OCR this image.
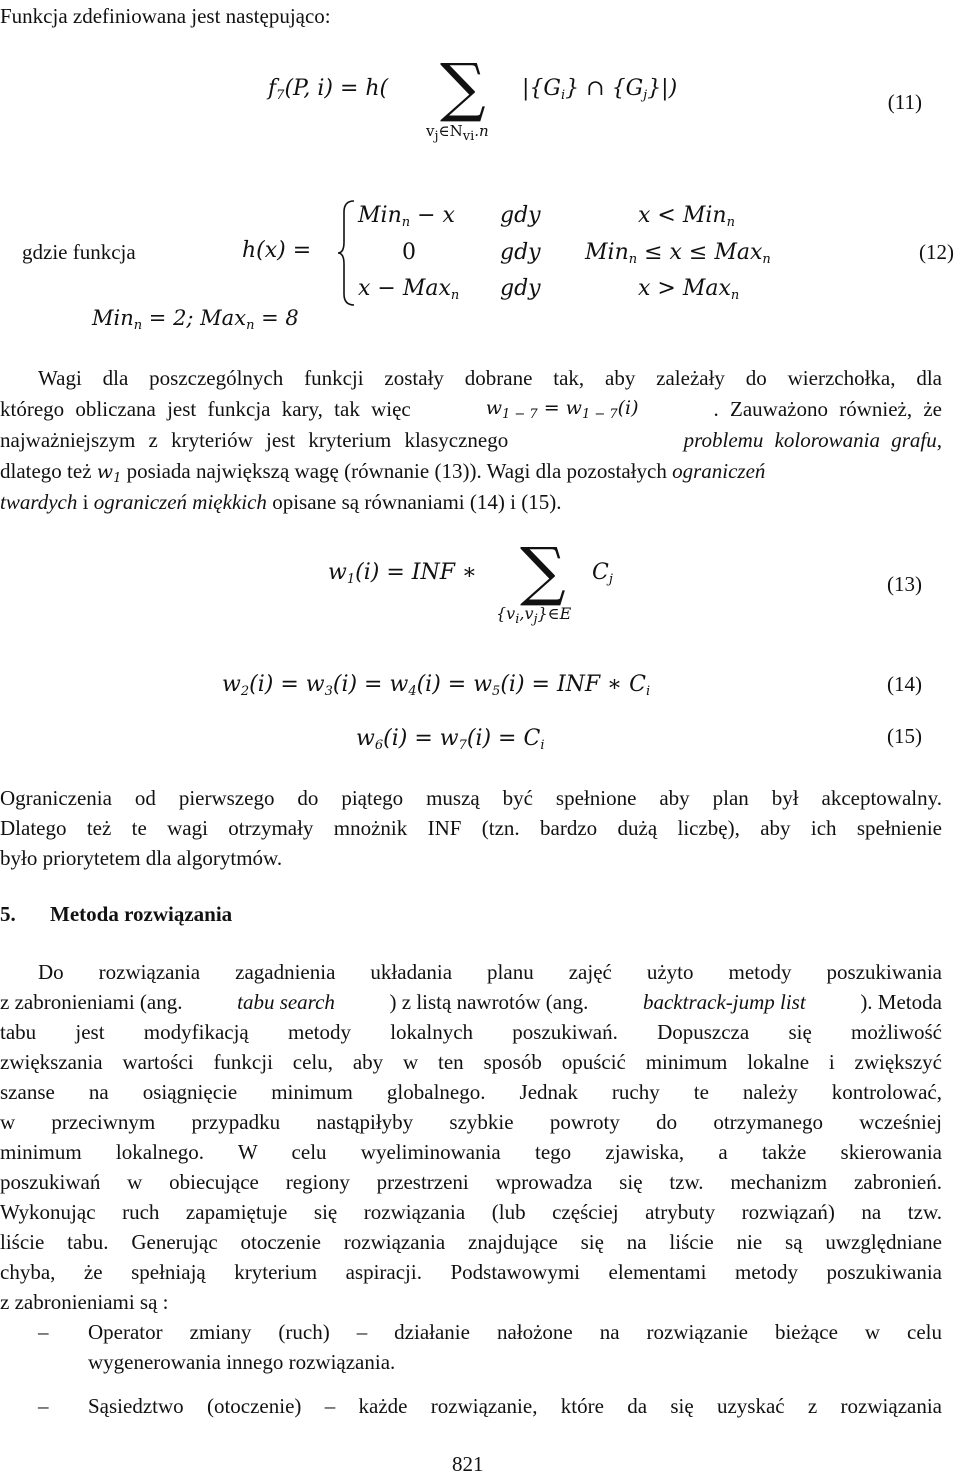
Funkcja zdefiniowana jest następująco:
$f_7(P$, i) = h( ∑
$v_j\in N_{vi}.n$
$|\{G_i\}$ ∩ $\{G_j\}|$)
(11)
gdzie funkcja	h(x) =
Min$_n$ − x gdy	x < Min$_n$
0	gdy Min$_n$ ≤ x ≤ Max$_n$
x − Max$_n$ gdy	x > Max$_n$
(12)
Min$_n$ = 2; Max$_n$ = 8
Wagi dla poszczególnych funkcji zostały dobrane tak, aby zależały do wierzchołka, dla
którego obliczana jest funkcja kary, tak więc	$w_{1 - 7} = w_{1 - 7}(i)$	. Zauważono również, że
najważniejszym z kryteriów jest kryterium klasycznego	problemu kolorowania grafu,
dlatego też $w_1$ posiada największą wagę (równanie (13)). Wagi dla pozostałych ograniczeń
twardych i ograniczeń miękkich opisane są równaniami (14) i (15).
$w_1(i)$ = INF ∗ ∑ $C_j$
$\{v_i,v_j\}\in E$
(13)
$w_2(i) = w_3(i) = w_4(i) = w_5(i)$ = INF ∗ $C_i$	(14)
$w_6(i) = w_7(i) = C_i$	(15)
Ograniczenia od pierwszego do piątego muszą być spełnione aby plan był akceptowalny.
Dlatego też te wagi otrzymały mnożnik INF (tzn. bardzo dużą liczbę), aby ich spełnienie
było priorytetem dla algorytmów.
5. Metoda rozwiązania
Do rozwiązania zagadnienia układania planu zajęć użyto metody poszukiwania
z zabronieniami (ang.	tabu search	) z listą nawrotów (ang.	backtrack-jump list	). Metoda
tabu jest modyfikacją metody lokalnych poszukiwań. Dopuszcza się możliwość
zwiększania wartości funkcji celu, aby w ten sposób opuścić minimum lokalne i zwiększyć
szanse na osiągnięcie minimum globalnego. Jednak ruchy te należy kontrolować,
w przeciwnym przypadku nastąpiłyby szybkie powroty do otrzymanego wcześniej
minimum lokalnego. W celu wyeliminowania tego zjawiska, a także skierowania
poszukiwań w obiecujące regiony przestrzeni wprowadza się tzw. mechanizm zabronień.
Wykonując ruch zapamiętuje się rozwiązania (lub częściej atrybuty rozwiązań) na tzw.
liście tabu. Generując otoczenie rozwiązania znajdujące się na liście nie są uwzględniane
chyba, że spełniają kryterium aspiracji. Podstawowymi elementami metody poszukiwania
z zabronieniami są :
– Operator zmiany (ruch) – działanie nałożone na rozwiązanie bieżące w celu
wygenerowania innego rozwiązania.
– Sąsiedztwo (otoczenie) – każde rozwiązanie, które da się uzyskać z rozwiązania
821
